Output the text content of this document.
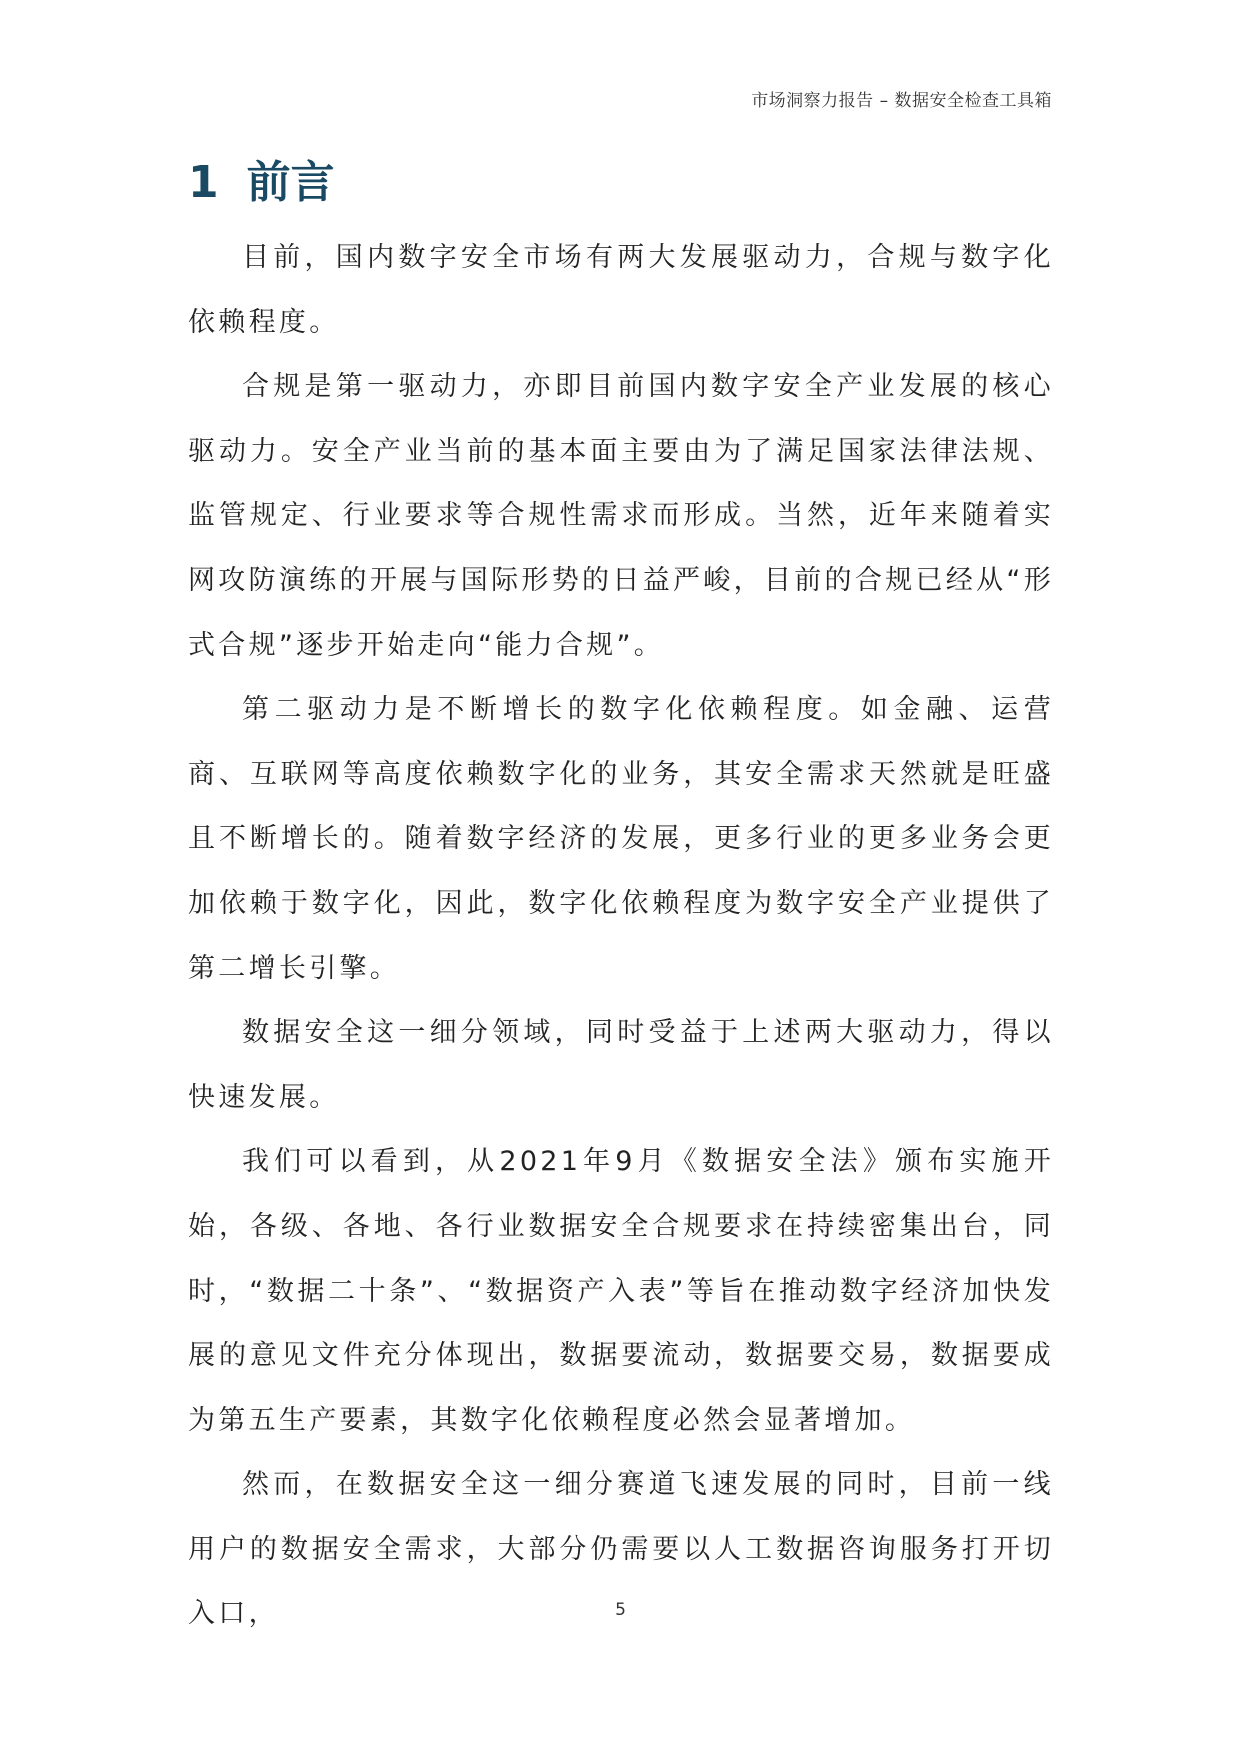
市场洞察力报告 – 数据安全检查工具箱
1 前言

目前，国内数字安全市场有两大发展驱动力，合规与数字化依赖程度。

合规是第一驱动力，亦即目前国内数字安全产业发展的核心驱动力。安全产业当前的基本面主要由为了满足国家法律法规、监管规定、行业要求等合规性需求而形成。当然，近年来随着实网攻防演练的开展与国际形势的日益严峻，目前的合规已经从“形式合规”逐步开始走向“能力合规”。

第二驱动力是不断增长的数字化依赖程度。如金融、运营商、互联网等高度依赖数字化的业务，其安全需求天然就是旺盛且不断增长的。随着数字经济的发展，更多行业的更多业务会更加依赖于数字化，因此，数字化依赖程度为数字安全产业提供了第二增长引擎。

数据安全这一细分领域，同时受益于上述两大驱动力，得以快速发展。

我们可以看到，从2021年9月《数据安全法》颁布实施开始，各级、各地、各行业数据安全合规要求在持续密集出台，同时，“数据二十条”、“数据资产入表”等旨在推动数字经济加快发展的意见文件充分体现出，数据要流动，数据要交易，数据要成为第五生产要素，其数字化依赖程度必然会显著增加。

然而，在数据安全这一细分赛道飞速发展的同时，目前一线用户的数据安全需求，大部分仍需要以人工数据咨询服务打开切入口，	5
